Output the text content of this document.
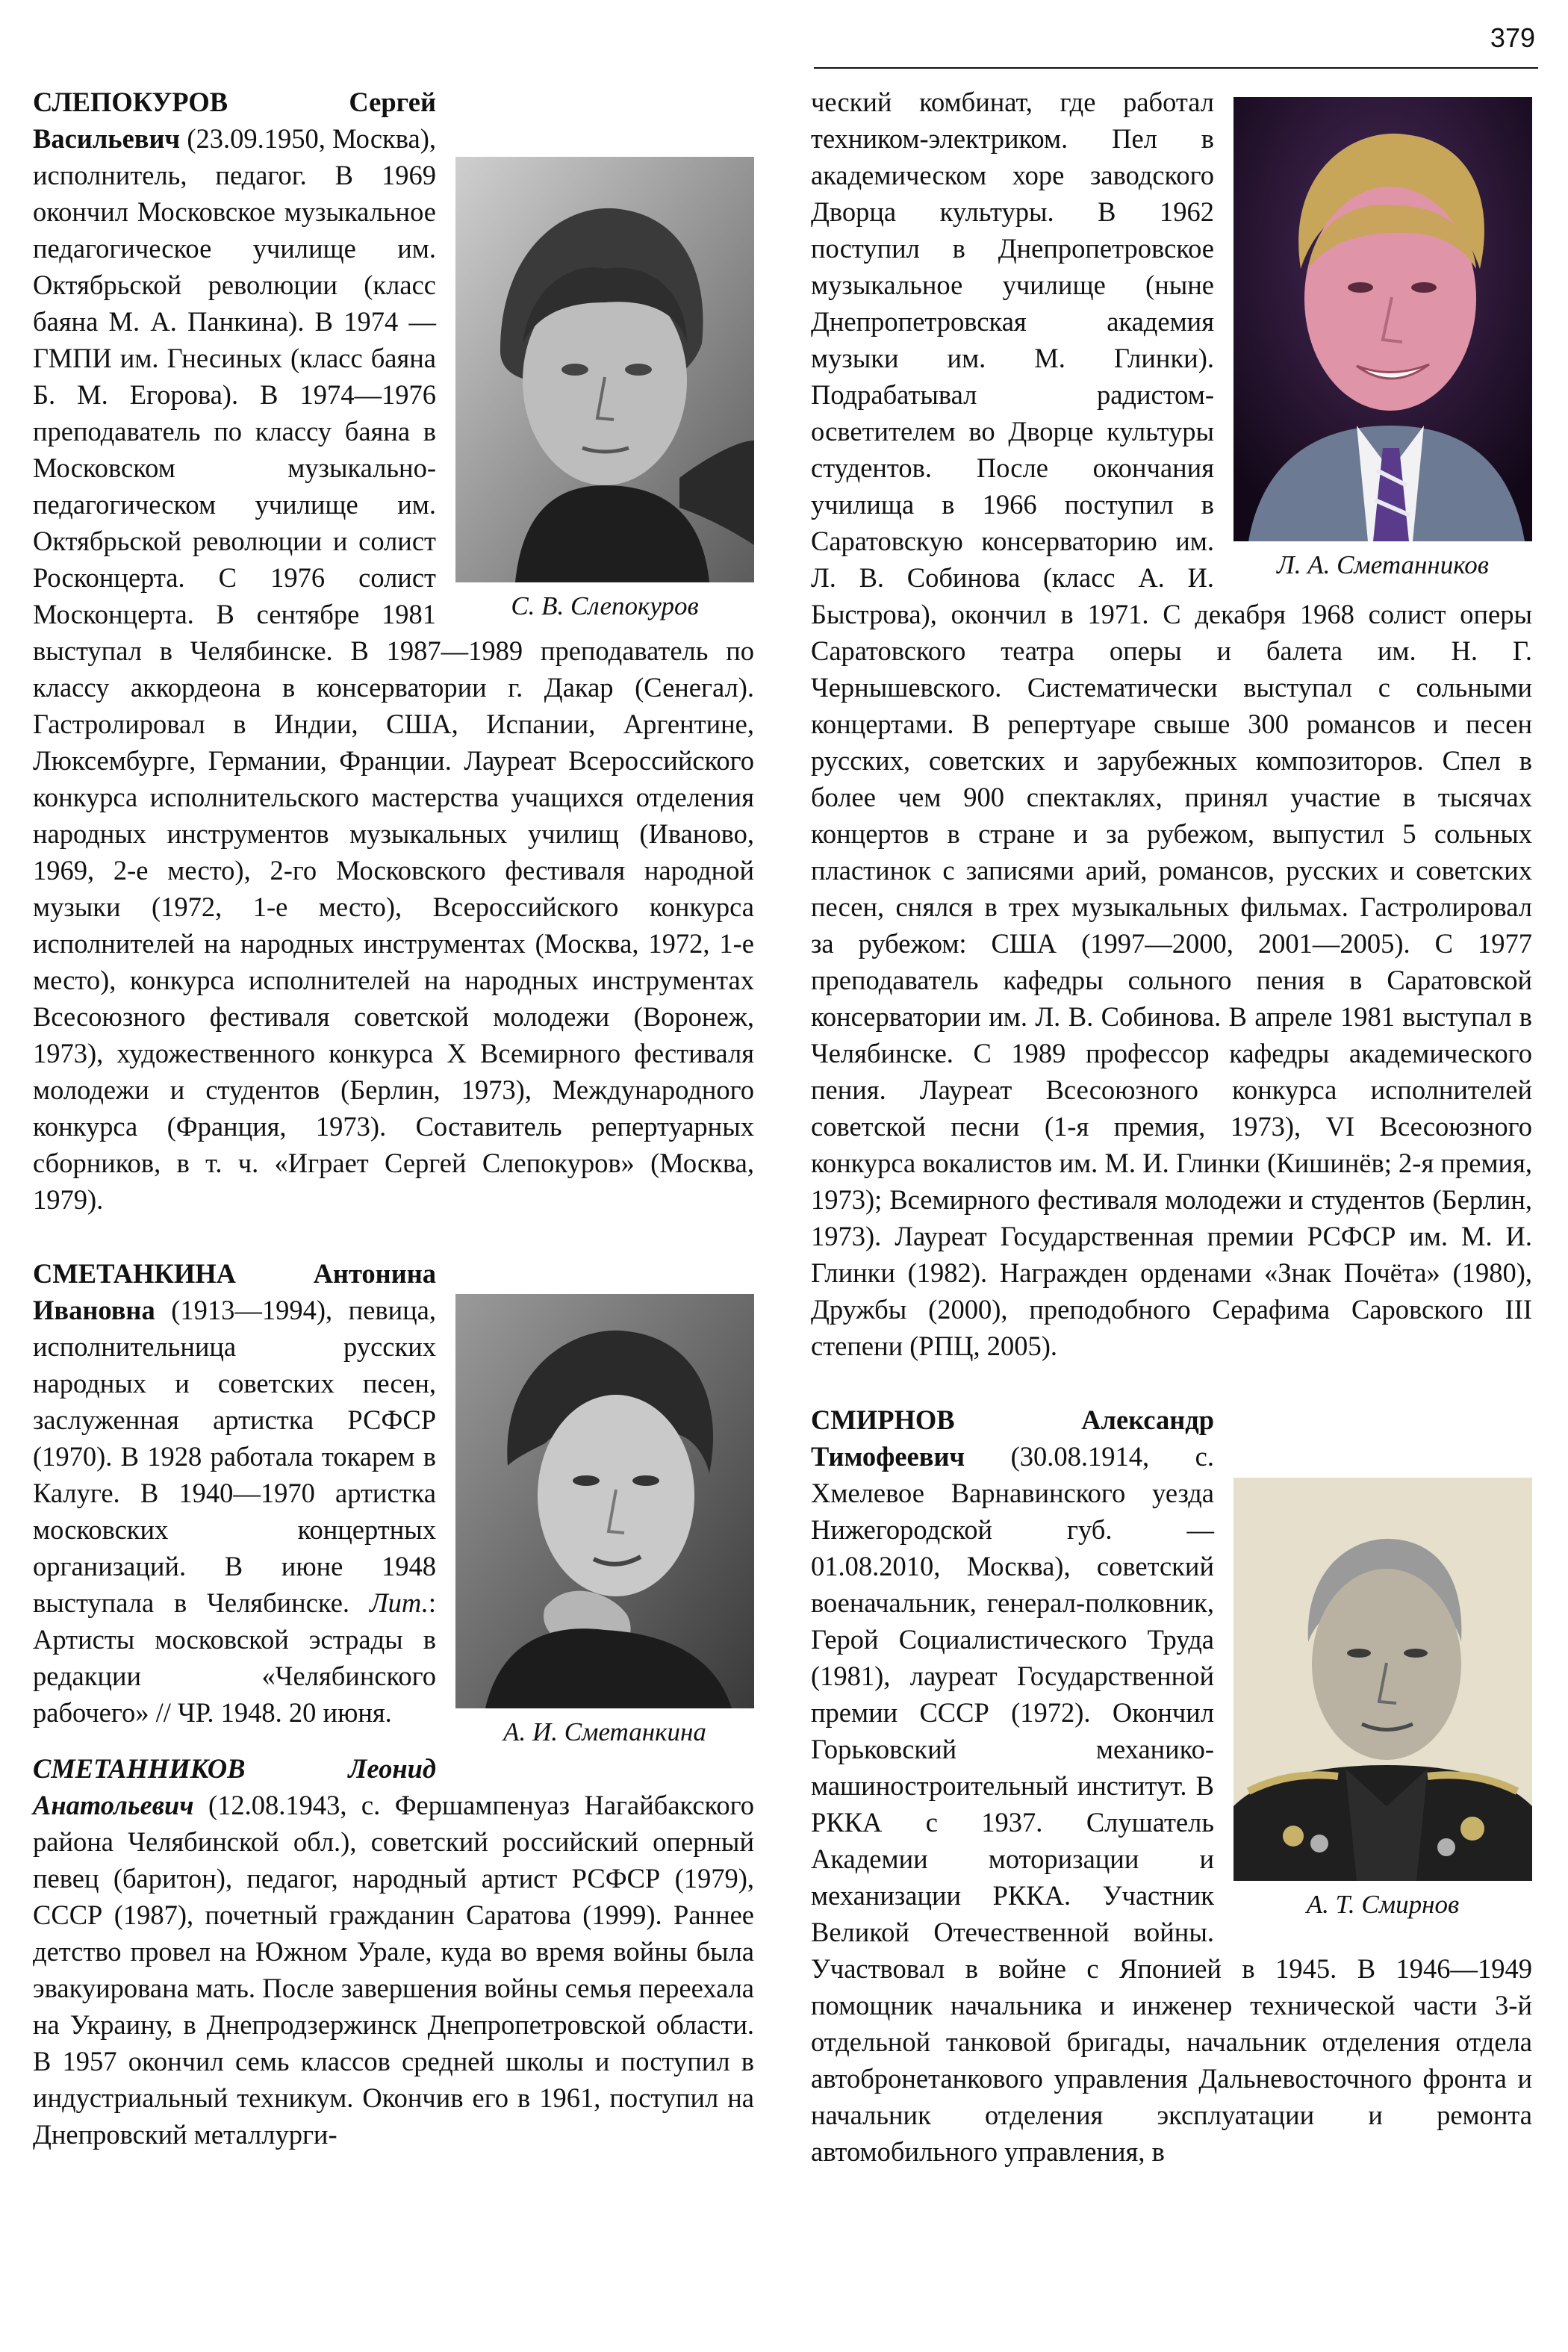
379
С. В. Слепокуров

СЛЕПОКУРОВ Сергей Васильевич (23.09.1950, Москва), исполнитель, педагог. В 1969 окончил Московское музыкальное педагогическое училище им. Октябрьской революции (класс баяна М. А. Панкина). В 1974 — ГМПИ им. Гнесиных (класс баяна Б. М. Егорова). В 1974—1976 преподаватель по классу баяна в Московском музыкально-педагогическом училище им. Октябрьской революции и солист Росконцерта. С 1976 солист Москонцерта. В сентябре 1981 выступал в Челябинске. В 1987—1989 преподаватель по классу аккордеона в консерватории г. Дакар (Сенегал). Гастролировал в Индии, США, Испании, Аргентине, Люксембурге, Германии, Франции. Лауреат Всероссийского конкурса исполнительского мастерства учащихся отделения народных инструментов музыкальных училищ (Иваново, 1969, 2-е место), 2-го Московского фестиваля народной музыки (1972, 1-е место), Всероссийского конкурса исполнителей на народных инструментах (Москва, 1972, 1-е место), конкурса исполнителей на народных инструментах Всесоюзного фестиваля советской молодежи (Воронеж, 1973), художественного конкурса X Всемирного фестиваля молодежи и студентов (Берлин, 1973), Международного конкурса (Франция, 1973). Составитель репертуарных сборников, в т. ч. «Играет Сергей Слепокуров» (Москва, 1979).

А. И. Сметанкина

СМЕТАНКИНА Антонина Ивановна (1913—1994), певица, исполнительница русских народных и советских песен, заслуженная артистка РСФСР (1970). В 1928 работала токарем в Калуге. В 1940—1970 артистка московских концертных организаций. В июне 1948 выступала в Челябинске. Лит.: Артисты московской эстрады в редакции «Челябинского рабочего» // ЧР. 1948. 20 июня.

СМЕТАННИКОВ Леонид Анатольевич (12.08.1943, с. Фершампенуаз Нагайбакского района Челябинской обл.), советский российский оперный певец (баритон), педагог, народный артист РСФСР (1979), СССР (1987), почетный гражданин Саратова (1999). Раннее детство провел на Южном Урале, куда во время войны была эвакуирована мать. После завершения войны семья переехала на Украину, в Днепродзержинск Днепропетровской области. В 1957 окончил семь классов средней школы и поступил в индустриальный техникум. Окончив его в 1961, поступил на Днепровский металлурги-

Л. А. Сметанников

ческий комбинат, где работал техником-электриком. Пел в академическом хоре заводского Дворца культуры. В 1962 поступил в Днепропетровское музыкальное училище (ныне Днепропетровская академия музыки им. М. Глинки). Подрабатывал радистом-осветителем во Дворце культуры студентов. После окончания училища в 1966 поступил в Саратовскую консерваторию им. Л. В. Собинова (класс А. И. Быстрова), окончил в 1971. С декабря 1968 солист оперы Саратовского театра оперы и балета им. Н. Г. Чернышевского. Систематически выступал с сольными концертами. В репертуаре свыше 300 романсов и песен русских, советских и зарубежных композиторов. Спел в более чем 900 спектаклях, принял участие в тысячах концертов в стране и за рубежом, выпустил 5 сольных пластинок с записями арий, романсов, русских и советских песен, снялся в трех музыкальных фильмах. Гастролировал за рубежом: США (1997—2000, 2001—2005). С 1977 преподаватель кафедры сольного пения в Саратовской консерватории им. Л. В. Собинова. В апреле 1981 выступал в Челябинске. С 1989 профессор кафедры академического пения. Лауреат Всесоюзного конкурса исполнителей советской песни (1-я премия, 1973), VI Всесоюзного конкурса вокалистов им. М. И. Глинки (Кишинёв; 2-я премия, 1973); Всемирного фестиваля молодежи и студентов (Берлин, 1973). Лауреат Государственная премии РСФСР им. М. И. Глинки (1982). Награжден орденами «Знак Почёта» (1980), Дружбы (2000), преподобного Серафима Саровского III степени (РПЦ, 2005).

А. Т. Смирнов

СМИРНОВ Александр Тимофеевич (30.08.1914, с. Хмелевое Варнавинского уезда Нижегородской губ. — 01.08.2010, Москва), советский военачальник, генерал-полковник, Герой Социалистического Труда (1981), лауреат Государственной премии СССР (1972). Окончил Горьковский механико-машиностроительный институт. В РККА с 1937. Слушатель Академии моторизации и механизации РККА. Участник Великой Отечественной войны. Участвовал в войне с Японией в 1945. В 1946—1949 помощник начальника и инженер технической части 3-й отдельной танковой бригады, начальник отделения отдела автобронетанкового управления Дальневосточного фронта и начальник отделения эксплуатации и ремонта автомобильного управления, в
